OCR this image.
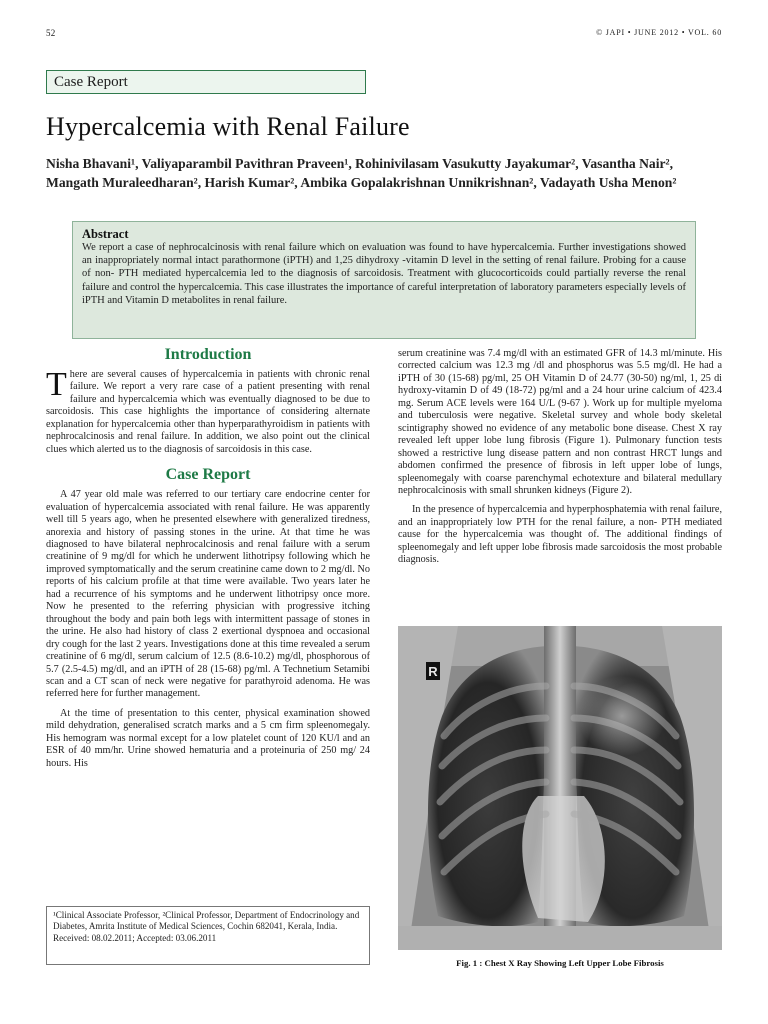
52	© JAPI • JUNE 2012 • VOL. 60
Case Report
Hypercalcemia with Renal Failure
Nisha Bhavani¹, Valiyaparambil Pavithran Praveen¹, Rohinivilasam Vasukutty Jayakumar², Vasantha Nair², Mangath Muraleedharan², Harish Kumar², Ambika Gopalakrishnan Unnikrishnan², Vadayath Usha Menon²
Abstract
We report a case of nephrocalcinosis with renal failure which on evaluation was found to have hypercalcemia. Further investigations showed an inappropriately normal intact parathormone (iPTH) and 1,25 dihydroxy -vitamin D level in the setting of renal failure. Probing for a cause of non- PTH mediated hypercalcemia led to the diagnosis of sarcoidosis. Treatment with glucocorticoids could partially reverse the renal failure and control the hypercalcemia. This case illustrates the importance of careful interpretation of laboratory parameters especially levels of iPTH and Vitamin D metabolites in renal failure.
Introduction

There are several causes of hypercalcemia in patients with chronic renal failure. We report a very rare case of a patient presenting with renal failure and hypercalcemia which was eventually diagnosed to be due to sarcoidosis. This case highlights the importance of considering alternate explanation for hypercalcemia other than hyperparathyroidism in patients with nephrocalcinosis and renal failure. In addition, we also point out the clinical clues which alerted us to the diagnosis of sarcoidosis in this case.

Case Report

A 47 year old male was referred to our tertiary care endocrine center for evaluation of hypercalcemia associated with renal failure. He was apparently well till 5 years ago, when he presented elsewhere with generalized tiredness, anorexia and history of passing stones in the urine. At that time he was diagnosed to have bilateral nephrocalcinosis and renal failure with a serum creatinine of 9 mg/dl for which he underwent lithotripsy following which he improved symptomatically and the serum creatinine came down to 2 mg/dl. No reports of his calcium profile at that time were available. Two years later he had a recurrence of his symptoms and he underwent lithotripsy once more. Now he presented to the referring physician with progressive itching throughout the body and pain both legs with intermittent passage of stones in the urine. He also had history of class 2 exertional dyspnoea and occasional dry cough for the last 2 years. Investigations done at this time revealed a serum creatinine of 6 mg/dl, serum calcium of 12.5 (8.6-10.2) mg/dl, phosphorous of 5.7 (2.5-4.5) mg/dl, and an iPTH of 28 (15-68) pg/ml. A Technetium Setamibi scan and a CT scan of neck were negative for parathyroid adenoma. He was referred here for further management.

At the time of presentation to this center, physical examination showed mild dehydration, generalised scratch marks and a 5 cm firm spleenomegaly. His hemogram was normal except for a low platelet count of 120 KU/l and an ESR of 40 mm/hr. Urine showed hematuria and a proteinuria of 250 mg/ 24 hours. His

serum creatinine was 7.4 mg/dl with an estimated GFR of 14.3 ml/minute. His corrected calcium was 12.3 mg /dl and phosphorus was 5.5 mg/dl. He had a iPTH of 30 (15-68) pg/ml, 25 OH Vitamin D of 24.77 (30-50) ng/ml, 1, 25 di hydroxy-vitamin D of 49 (18-72) pg/ml and a 24 hour urine calcium of 423.4 mg. Serum ACE levels were 164 U/L (9-67 ). Work up for multiple myeloma and tuberculosis were negative. Skeletal survey and whole body skeletal scintigraphy showed no evidence of any metabolic bone disease. Chest X ray revealed left upper lobe lung fibrosis (Figure 1). Pulmonary function tests showed a restrictive lung disease pattern and non contrast HRCT lungs and abdomen confirmed the presence of fibrosis in left upper lobe of lungs, spleenomegaly with coarse parenchymal echotexture and bilateral medullary nephrocalcinosis with small shrunken kidneys (Figure 2).

In the presence of hypercalcemia and hyperphosphatemia with renal failure, and an inappropriately low PTH for the renal failure, a non- PTH mediated cause for the hypercalcemia was thought of. The additional findings of spleenomegaly and left upper lobe fibrosis made sarcoidosis the most probable diagnosis.

¹Clinical Associate Professor, ²Clinical Professor, Department of Endocrinology and Diabetes, Amrita Institute of Medical Sciences, Cochin 682041, Kerala, India.
Received: 08.02.2011; Accepted: 03.06.2011
R
Fig. 1 : Chest X Ray Showing Left Upper Lobe Fibrosis
